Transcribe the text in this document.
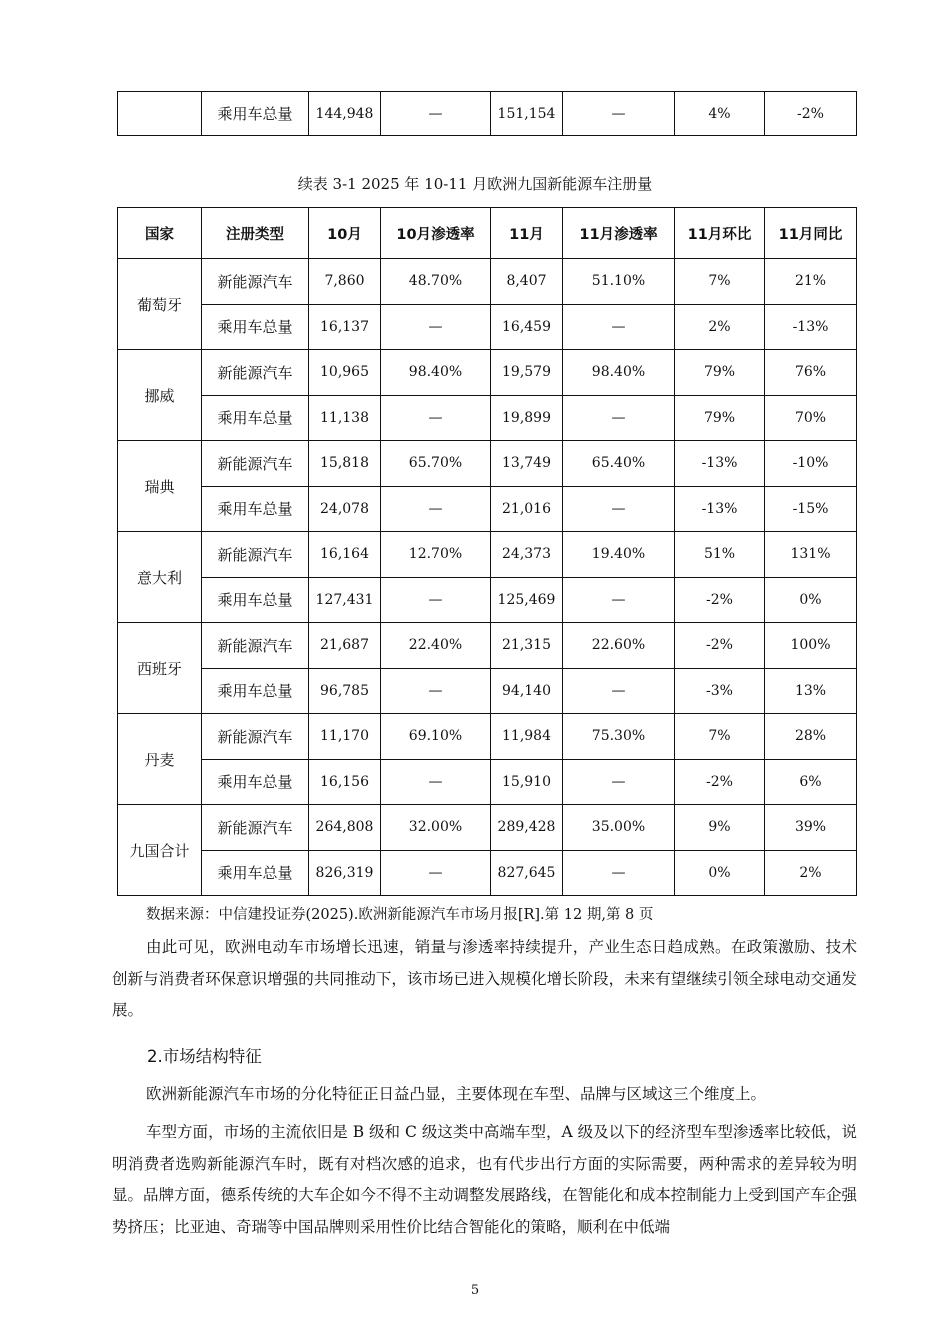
	乘用车总量	144,948	—	151,154	—	4%	-2%
续表 3-1 2025 年 10-11 月欧洲九国新能源车注册量
国家	注册类型	10月	10月渗透率	11月	11月渗透率	11月环比	11月同比
葡萄牙	新能源汽车	7,860	48.70%	8,407	51.10%	7%	21%
	乘用车总量	16,137	—	16,459	—	2%	-13%
挪威	新能源汽车	10,965	98.40%	19,579	98.40%	79%	76%
	乘用车总量	11,138	—	19,899	—	79%	70%
瑞典	新能源汽车	15,818	65.70%	13,749	65.40%	-13%	-10%
	乘用车总量	24,078	—	21,016	—	-13%	-15%
意大利	新能源汽车	16,164	12.70%	24,373	19.40%	51%	131%
	乘用车总量	127,431	—	125,469	—	-2%	0%
西班牙	新能源汽车	21,687	22.40%	21,315	22.60%	-2%	100%
	乘用车总量	96,785	—	94,140	—	-3%	13%
丹麦	新能源汽车	11,170	69.10%	11,984	75.30%	7%	28%
	乘用车总量	16,156	—	15,910	—	-2%	6%
九国合计	新能源汽车	264,808	32.00%	289,428	35.00%	9%	39%
	乘用车总量	826,319	—	827,645	—	0%	2%
数据来源：中信建投证券(2025).欧洲新能源汽车市场月报[R].第 12 期,第 8 页

由此可见，欧洲电动车市场增长迅速，销量与渗透率持续提升，产业生态日趋成熟。在政策激励、技术创新与消费者环保意识增强的共同推动下，该市场已进入规模化增长阶段，未来有望继续引领全球电动交通发展。

2.市场结构特征

欧洲新能源汽车市场的分化特征正日益凸显，主要体现在车型、品牌与区域这三个维度上。

车型方面，市场的主流依旧是 B 级和 C 级这类中高端车型，A 级及以下的经济型车型渗透率比较低，说明消费者选购新能源汽车时，既有对档次感的追求，也有代步出行方面的实际需要，两种需求的差异较为明显。品牌方面，德系传统的大车企如今不得不主动调整发展路线，在智能化和成本控制能力上受到国产车企强势挤压；比亚迪、奇瑞等中国品牌则采用性价比结合智能化的策略，顺利在中低端

5
